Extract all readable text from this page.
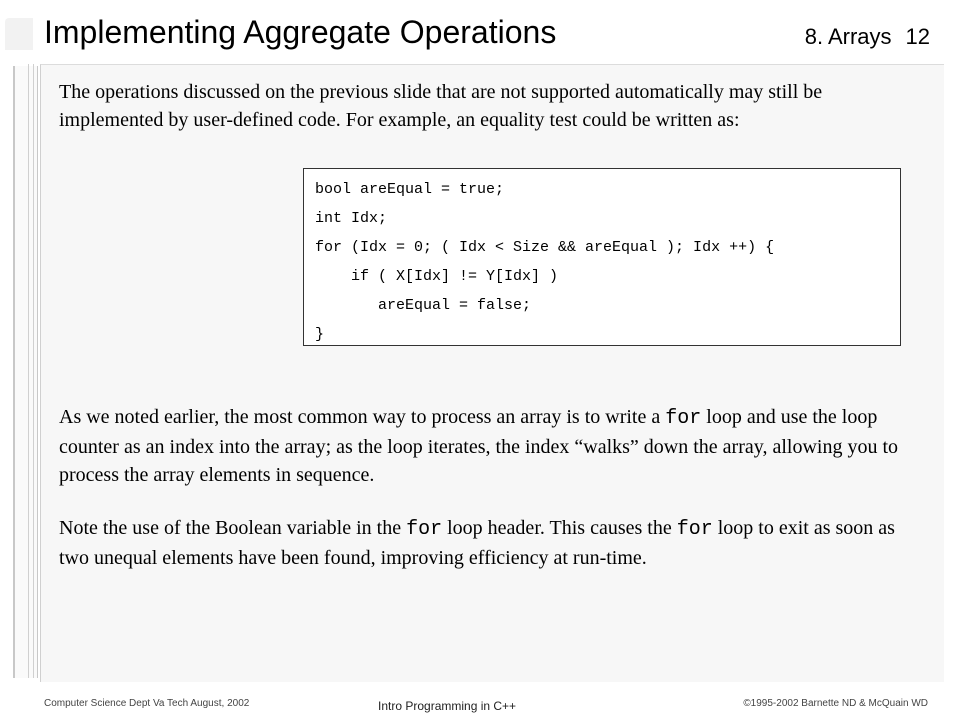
Implementing Aggregate Operations	8. Arrays 12

The operations discussed on the previous slide that are not supported automatically may still be implemented by user-defined code. For example, an equality test could be written as:

bool areEqual = true;
int Idx;
for (Idx = 0; ( Idx < Size && areEqual ); Idx ++) {
if ( X[Idx] != Y[Idx] )
areEqual = false;
}

As we noted earlier, the most common way to process an array is to write a for loop and use the loop counter as an index into the array; as the loop iterates, the index “walks” down the array, allowing you to process the array elements in sequence.

Note the use of the Boolean variable in the for loop header. This causes the for loop to exit as soon as two unequal elements have been found, improving efficiency at run-time.

Computer Science Dept Va Tech August, 2002	Intro Programming in C++	©1995-2002 Barnette ND & McQuain WD
